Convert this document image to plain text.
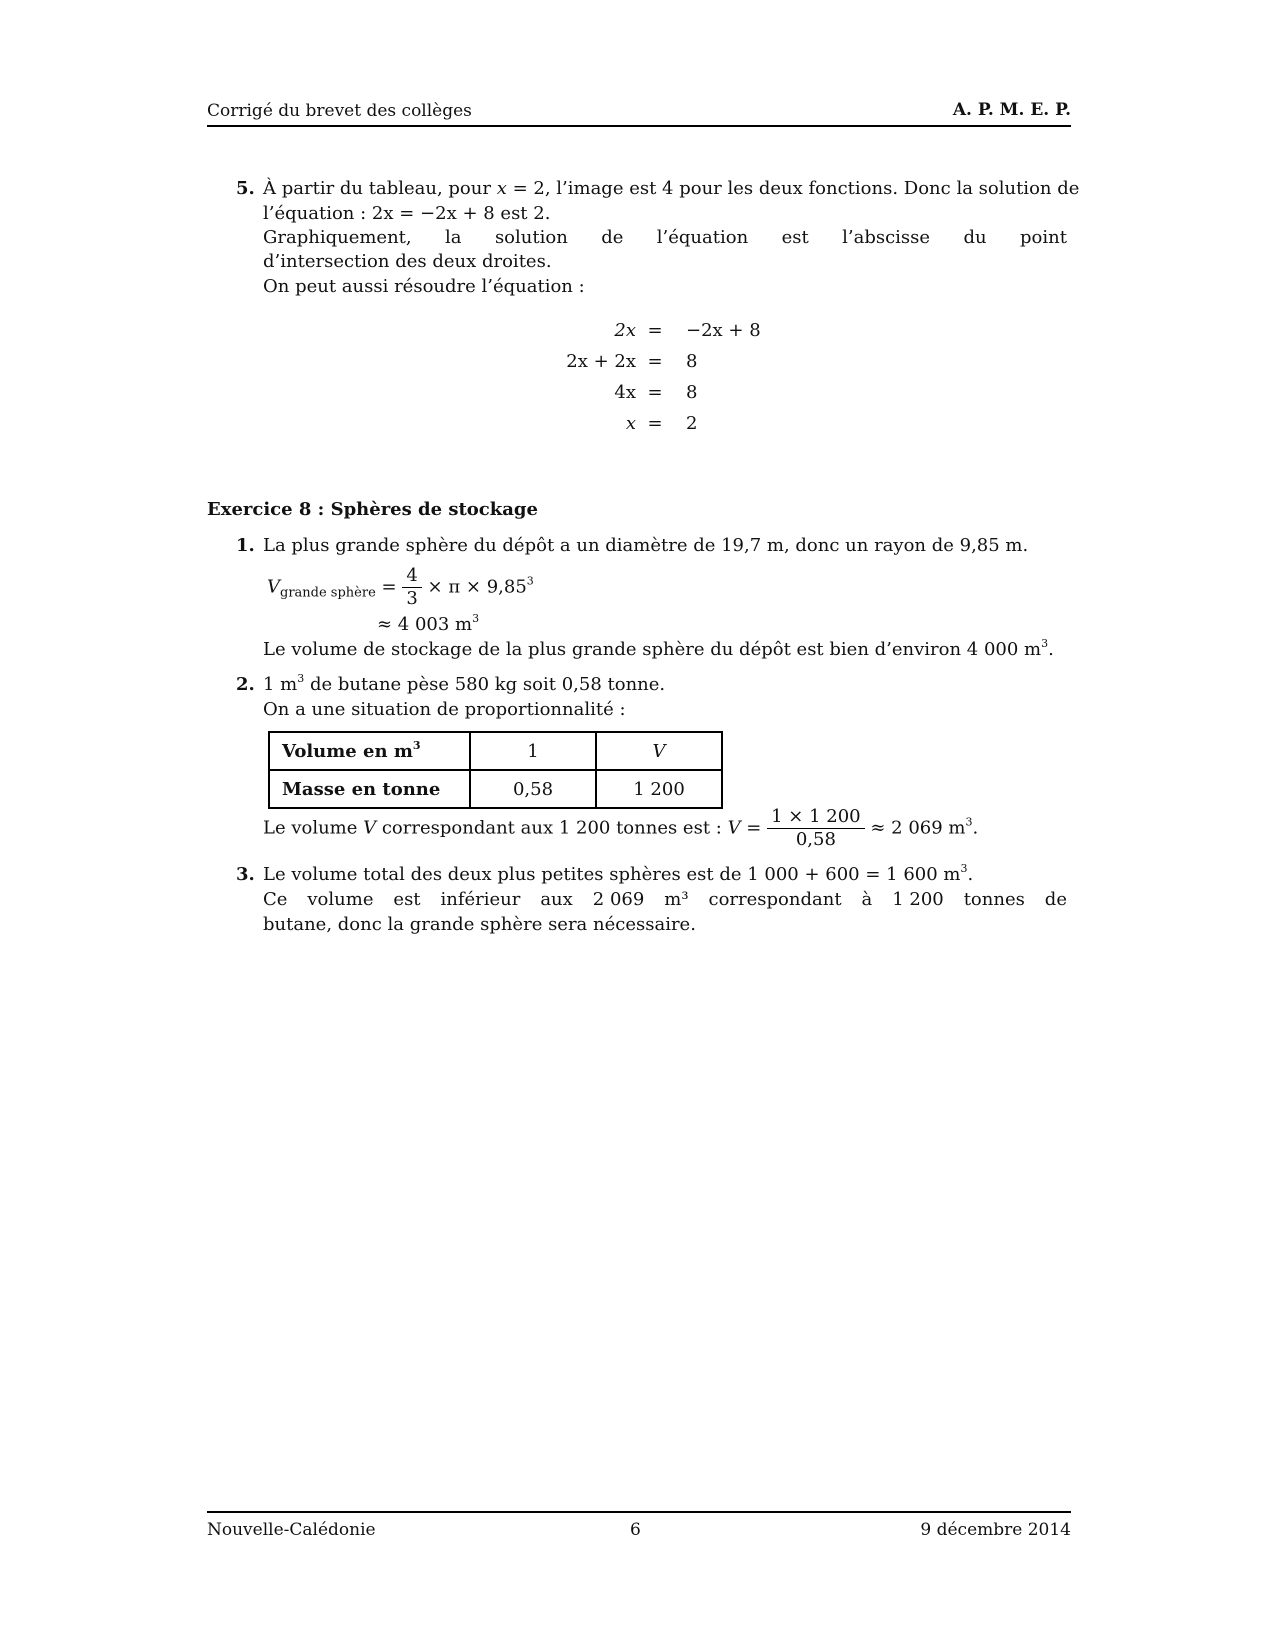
Corrigé du brevet des collèges	A. P. M. E. P.
5. À partir du tableau, pour x = 2, l’image est 4 pour les deux fonctions. Donc la solution de
l’équation : 2x = −2x + 8 est 2.
Graphiquement, la solution de l’équation est l’abscisse du point
d’intersection des deux droites.
On peut aussi résoudre l’équation :
2x =	−2x + 8
2x + 2x =	8
4x =	8
x =	2
Exercice 8 : Sphères de stockage
1. La plus grande sphère du dépôt a un diamètre de 19,7 m, donc un rayon de 9,85 m.
$V_{grande sphère} = \frac{4}{3} \times \pi \times 9,85^3$
≈ 4 003 $m^3$
Le volume de stockage de la plus grande sphère du dépôt est bien d’environ 4 000 $m^3$.
2. 1 $m^3$ de butane pèse 580 kg soit 0,58 tonne.
On a une situation de proportionnalité :
Volume en $m^3$	1	V
Masse en tonne	0,58	1 200
Le volume V correspondant aux 1 200 tonnes est : $V = \frac{1 \times 1 200}{0,58} \approx 2$ 069 $m^3$.
3. Le volume total des deux plus petites sphères est de 1 000 + 600 = 1 600 $m^3$.
Ce volume est inférieur aux 2 069 m³ correspondant à 1 200 tonnes de
butane, donc la grande sphère sera nécessaire.
Nouvelle-Calédonie	6	9 décembre 2014
